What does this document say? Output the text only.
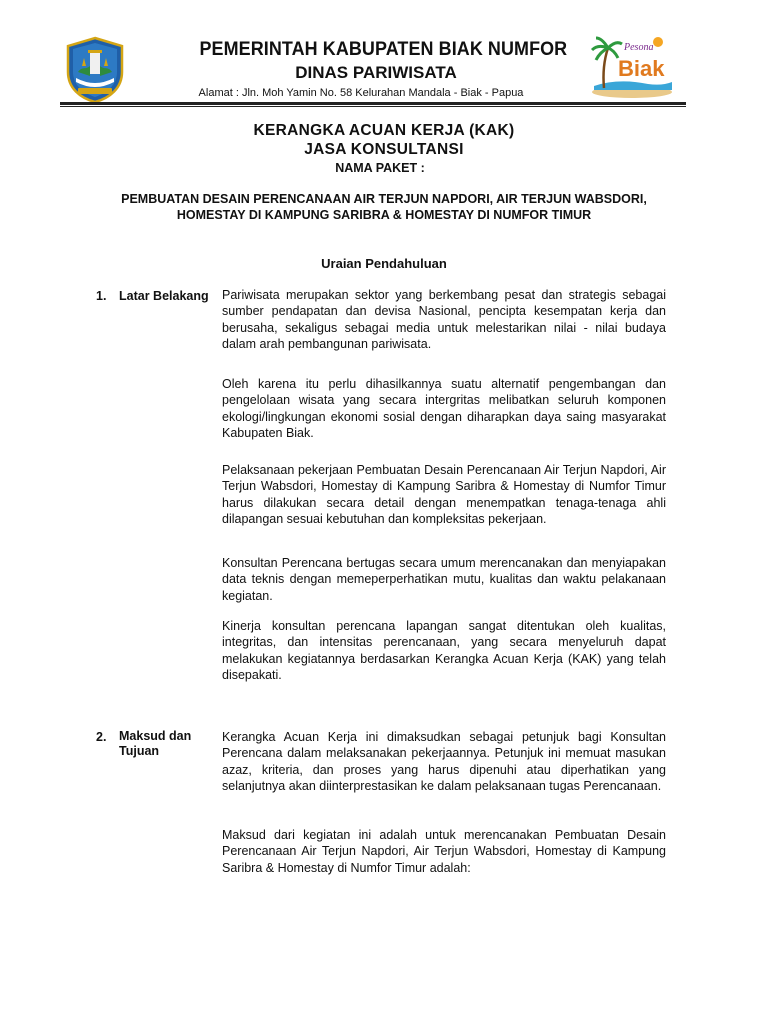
PEMERINTAH KABUPATEN BIAK NUMFOR
DINAS PARIWISATA
Alamat : Jln. Moh Yamin No. 58 Kelurahan Mandala - Biak - Papua
Pesona
Biak
KERANGKA ACUAN KERJA (KAK)
JASA KONSULTANSI
NAMA PAKET :
PEMBUATAN DESAIN PERENCANAAN AIR TERJUN NAPDORI, AIR TERJUN WABSDORI, HOMESTAY DI KAMPUNG SARIBRA & HOMESTAY DI NUMFOR TIMUR
Uraian Pendahuluan
1. Latar Belakang Pariwisata merupakan sektor yang berkembang pesat dan strategis sebagai sumber pendapatan dan devisa Nasional, pencipta kesempatan kerja dan berusaha, sekaligus sebagai media untuk melestarikan nilai - nilai budaya dalam arah pembangunan pariwisata.
Oleh karena itu perlu dihasilkannya suatu alternatif pengembangan dan pengelolaan wisata yang secara intergritas melibatkan seluruh komponen ekologi/lingkungan ekonomi sosial dengan diharapkan daya saing masyarakat Kabupaten Biak.
Pelaksanaan pekerjaan Pembuatan Desain Perencanaan Air Terjun Napdori, Air Terjun Wabsdori, Homestay di Kampung Saribra & Homestay di Numfor Timur harus dilakukan secara detail dengan menempatkan tenaga-tenaga ahli dilapangan sesuai kebutuhan dan kompleksitas pekerjaan.
Konsultan Perencana bertugas secara umum merencanakan dan menyiapakan data teknis dengan memeperperhatikan mutu, kualitas dan waktu pelakanaan kegiatan.
Kinerja konsultan perencana lapangan sangat ditentukan oleh kualitas, integritas, dan intensitas perencanaan, yang secara menyeluruh dapat melakukan kegiatannya berdasarkan Kerangka Acuan Kerja (KAK) yang telah disepakati.
2. Maksud dan Tujuan
Kerangka Acuan Kerja ini dimaksudkan sebagai petunjuk bagi Konsultan Perencana dalam melaksanakan pekerjaannya. Petunjuk ini memuat masukan azaz, kriteria, dan proses yang harus dipenuhi atau diperhatikan yang selanjutnya akan diinterprestasikan ke dalam pelaksanaan tugas Perencanaan.
Maksud dari kegiatan ini adalah untuk merencanakan Pembuatan Desain Perencanaan Air Terjun Napdori, Air Terjun Wabsdori, Homestay di Kampung Saribra & Homestay di Numfor Timur adalah:
